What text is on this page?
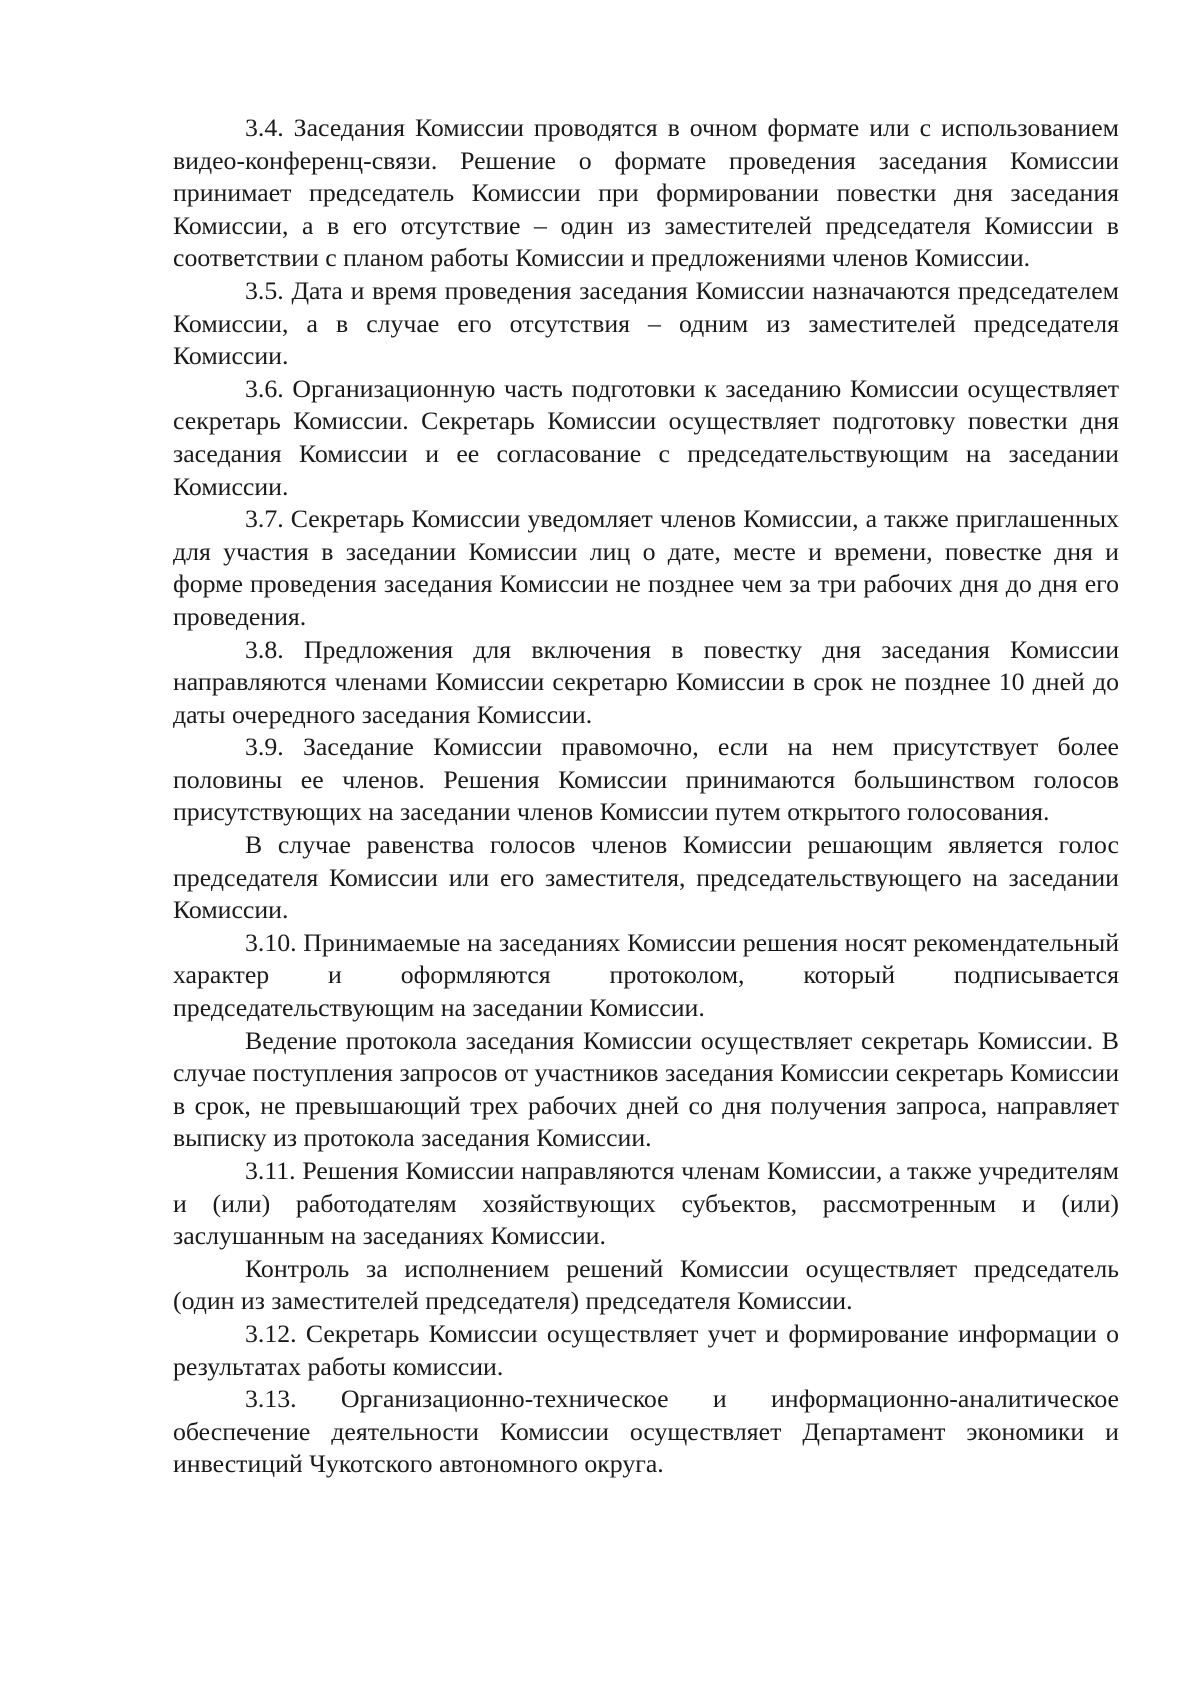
3.4. Заседания Комиссии проводятся в очном формате или с использованием видео-конференц-связи. Решение о формате проведения заседания Комиссии принимает председатель Комиссии при формировании повестки дня заседания Комиссии, а в его отсутствие – один из заместителей председателя Комиссии в соответствии с планом работы Комиссии и предложениями членов Комиссии.

3.5. Дата и время проведения заседания Комиссии назначаются председателем Комиссии, а в случае его отсутствия – одним из заместителей председателя Комиссии.

3.6. Организационную часть подготовки к заседанию Комиссии осуществляет секретарь Комиссии. Секретарь Комиссии осуществляет подготовку повестки дня заседания Комиссии и ее согласование с председательствующим на заседании Комиссии.

3.7. Секретарь Комиссии уведомляет членов Комиссии, а также приглашенных для участия в заседании Комиссии лиц о дате, месте и времени, повестке дня и форме проведения заседания Комиссии не позднее чем за три рабочих дня до дня его проведения.

3.8. Предложения для включения в повестку дня заседания Комиссии направляются членами Комиссии секретарю Комиссии в срок не позднее 10 дней до даты очередного заседания Комиссии.

3.9. Заседание Комиссии правомочно, если на нем присутствует более половины ее членов. Решения Комиссии принимаются большинством голосов присутствующих на заседании членов Комиссии путем открытого голосования.

В случае равенства голосов членов Комиссии решающим является голос председателя Комиссии или его заместителя, председательствующего на заседании Комиссии.

3.10. Принимаемые на заседаниях Комиссии решения носят рекомендательный характер и оформляются протоколом, который подписывается председательствующим на заседании Комиссии.

Ведение протокола заседания Комиссии осуществляет секретарь Комиссии. В случае поступления запросов от участников заседания Комиссии секретарь Комиссии в срок, не превышающий трех рабочих дней со дня получения запроса, направляет выписку из протокола заседания Комиссии.

3.11. Решения Комиссии направляются членам Комиссии, а также учредителям и (или) работодателям хозяйствующих субъектов, рассмотренным и (или) заслушанным на заседаниях Комиссии.

Контроль за исполнением решений Комиссии осуществляет председатель (один из заместителей председателя) председателя Комиссии.

3.12. Секретарь Комиссии осуществляет учет и формирование информации о результатах работы комиссии.

3.13. Организационно-техническое и информационно-аналитическое обеспечение деятельности Комиссии осуществляет Департамент экономики и инвестиций Чукотского автономного округа.
